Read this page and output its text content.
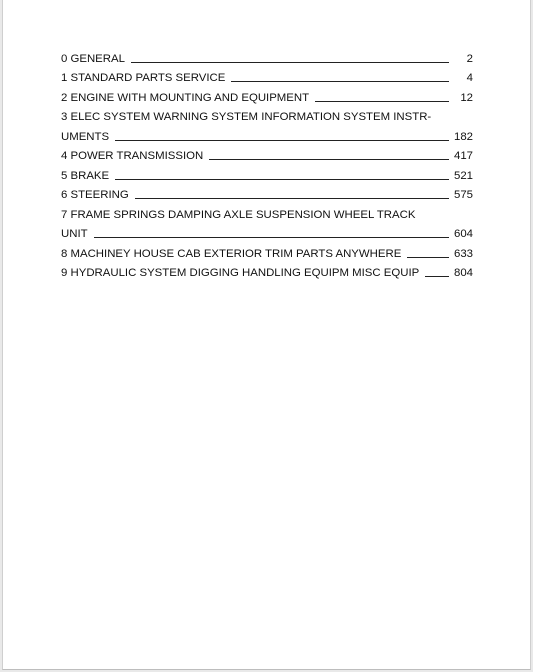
0 GENERAL	2
1 STANDARD PARTS SERVICE	4
2 ENGINE WITH MOUNTING AND EQUIPMENT	12
3 ELEC SYSTEM WARNING SYSTEM INFORMATION SYSTEM INSTR-
UMENTS	182
4 POWER TRANSMISSION	417
5 BRAKE	521
6 STEERING	575
7 FRAME SPRINGS DAMPING AXLE SUSPENSION WHEEL TRACK
UNIT	604
8 MACHINEY HOUSE CAB EXTERIOR TRIM PARTS ANYWHERE	633
9 HYDRAULIC SYSTEM DIGGING HANDLING EQUIPM MISC EQUIP	804
